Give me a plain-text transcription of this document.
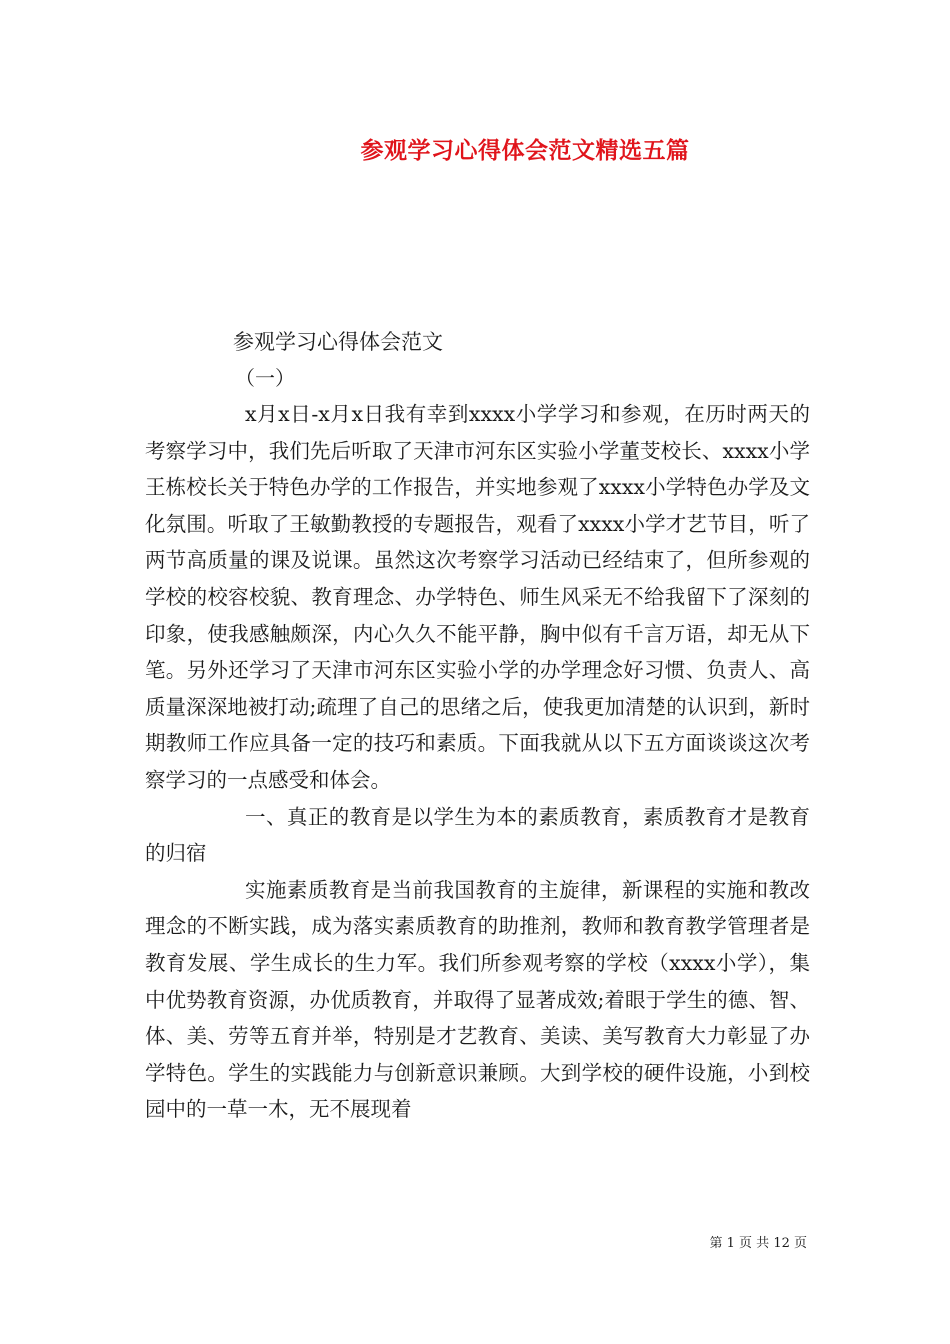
参观学习心得体会范文精选五篇
参观学习心得体会范文
（一）

x月x日-x月x日我有幸到xxxx小学学习和参观，在历时两天的考察学习中，我们先后听取了天津市河东区实验小学董芠校长、xxxx小学王栋校长关于特色办学的工作报告，并实地参观了xxxx小学特色办学及文化氛围。听取了王敏勤教授的专题报告，观看了xxxx小学才艺节目，听了两节高质量的课及说课。虽然这次考察学习活动已经结束了，但所参观的学校的校容校貌、教育理念、办学特色、师生风采无不给我留下了深刻的印象，使我感触颇深，内心久久不能平静，胸中似有千言万语，却无从下笔。另外还学习了天津市河东区实验小学的办学理念好习惯、负责人、高质量深深地被打动;疏理了自己的思绪之后，使我更加清楚的认识到，新时期教师工作应具备一定的技巧和素质。下面我就从以下五方面谈谈这次考察学习的一点感受和体会。

一、真正的教育是以学生为本的素质教育，素质教育才是教育的归宿

实施素质教育是当前我国教育的主旋律，新课程的实施和教改理念的不断实践，成为落实素质教育的助推剂，教师和教育教学管理者是教育发展、学生成长的生力军。我们所参观考察的学校（xxxx小学），集中优势教育资源，办优质教育，并取得了显著成效;着眼于学生的德、智、体、美、劳等五育并举，特别是才艺教育、美读、美写教育大力彰显了办学特色。学生的实践能力与创新意识兼顾。大到学校的硬件设施，小到校园中的一草一木，无不展现着

第 1 页 共 12 页
